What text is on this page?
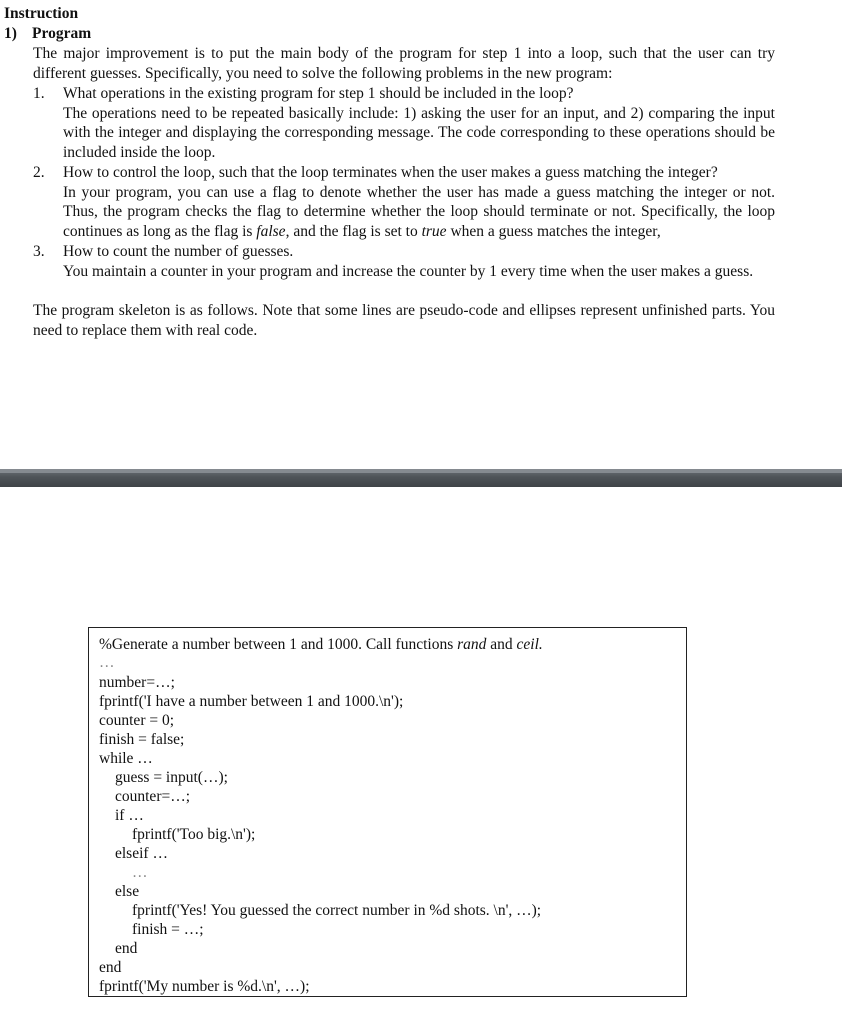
Instruction
1) Program
The major improvement is to put the main body of the program for step 1 into a loop, such that the user can try different guesses. Specifically, you need to solve the following problems in the new program:
1. What operations in the existing program for step 1 should be included in the loop?

The operations need to be repeated basically include: 1) asking the user for an input, and 2) comparing the input with the integer and displaying the corresponding message. The code corresponding to these operations should be included inside the loop.

2. How to control the loop, such that the loop terminates when the user makes a guess matching the integer?

In your program, you can use a flag to denote whether the user has made a guess matching the integer or not. Thus, the program checks the flag to determine whether the loop should terminate or not. Specifically, the loop continues as long as the flag is false, and the flag is set to true when a guess matches the integer,

3. How to count the number of guesses.

You maintain a counter in your program and increase the counter by 1 every time when the user makes a guess.

The program skeleton is as follows. Note that some lines are pseudo-code and ellipses represent unfinished parts. You need to replace them with real code.
%Generate a number between 1 and 1000. Call functions rand and ceil.
…
number=…;
fprintf('I have a number between 1 and 1000.\n');
counter = 0;
finish = false;
while …
guess = input(…);
counter=…;
if …
fprintf('Too big.\n');
elseif …
…
else
fprintf('Yes! You guessed the correct number in %d shots. \n', …);
finish = …;
end
end
fprintf('My number is %d.\n', …);
